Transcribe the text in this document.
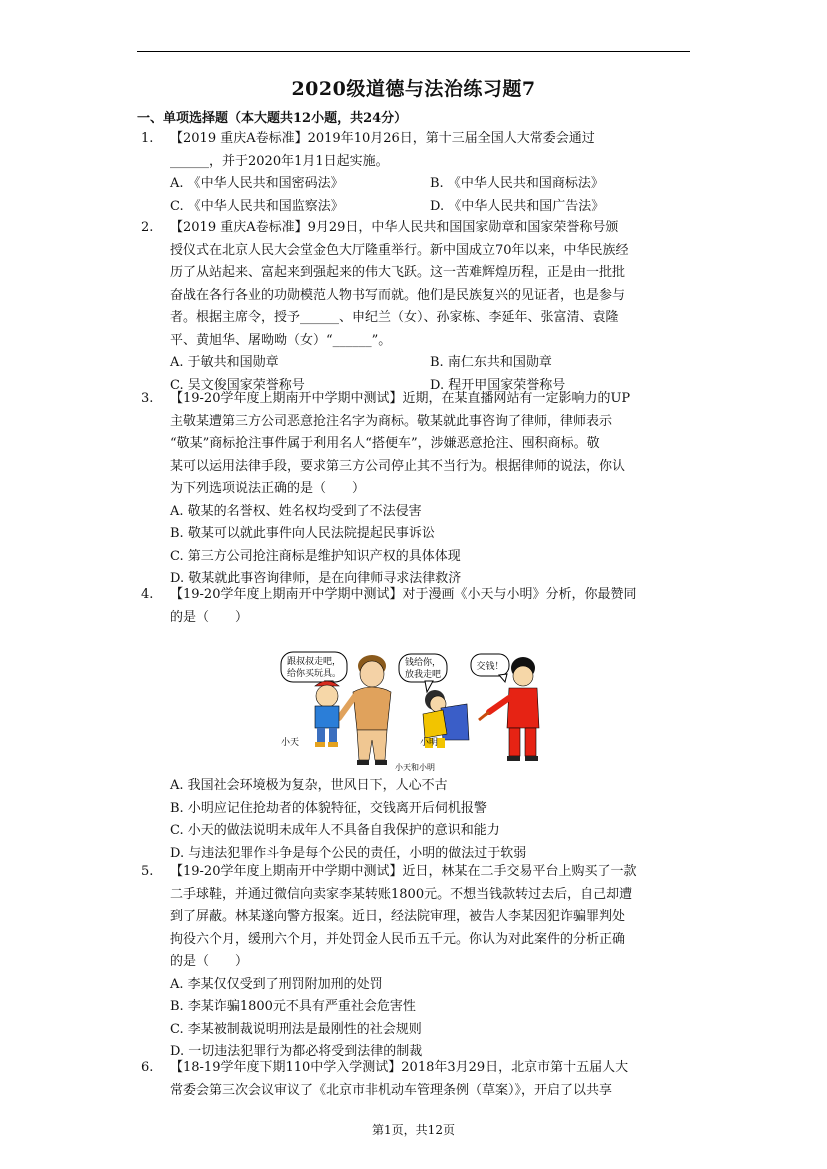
2020级道德与法治练习题7
一、单项选择题（本大题共12小题，共24分）
1.	【2019 重庆A卷标准】2019年10月26日，第十三届全国人大常委会通过
______，并于2020年1月1日起实施。
A. 《中华人民共和国密码法》	B. 《中华人民共和国商标法》
C. 《中华人民共和国监察法》	D. 《中华人民共和国广告法》
2.	【2019 重庆A卷标准】9月29日，中华人民共和国国家勋章和国家荣誉称号颁
授仪式在北京人民大会堂金色大厅隆重举行。新中国成立70年以来，中华民族经
历了从站起来、富起来到强起来的伟大飞跃。这一苦难辉煌历程，正是由一批批
奋战在各行各业的功勋模范人物书写而就。他们是民族复兴的见证者，也是参与
者。根据主席令，授予______、申纪兰（女）、孙家栋、李延年、张富清、袁隆
平、黄旭华、屠呦呦（女）“______”。
A. 于敏共和国勋章	B. 南仁东共和国勋章
C. 吴文俊国家荣誉称号	D. 程开甲国家荣誉称号
3.	【19-20学年度上期南开中学期中测试】近期，在某直播网站有一定影响力的UP
主敬某遭第三方公司恶意抢注名字为商标。敬某就此事咨询了律师，律师表示
“敬某”商标抢注事件属于利用名人“搭便车”，涉嫌恶意抢注、囤积商标。敬
某可以运用法律手段，要求第三方公司停止其不当行为。根据律师的说法，你认
为下列选项说法正确的是（　　）
A. 敬某的名誉权、姓名权均受到了不法侵害
B. 敬某可以就此事件向人民法院提起民事诉讼
C. 第三方公司抢注商标是维护知识产权的具体体现
D. 敬某就此事咨询律师，是在向律师寻求法律救济
4.	【19-20学年度上期南开中学期中测试】对于漫画《小天与小明》分析，你最赞同
的是（　　）
跟叔叔走吧，
给你买玩具。
小天
钱给你，
放我走吧
小明
交钱！
小天和小明
A. 我国社会环境极为复杂，世风日下，人心不古
B. 小明应记住抢劫者的体貌特征，交钱离开后伺机报警
C. 小天的做法说明未成年人不具备自我保护的意识和能力
D. 与违法犯罪作斗争是每个公民的责任，小明的做法过于软弱
5.	【19-20学年度上期南开中学期中测试】近日，林某在二手交易平台上购买了一款
二手球鞋，并通过微信向卖家李某转账1800元。不想当钱款转过去后，自己却遭
到了屏蔽。林某遂向警方报案。近日，经法院审理，被告人李某因犯诈骗罪判处
拘役六个月，缓刑六个月，并处罚金人民币五千元。你认为对此案件的分析正确
的是（　　）
A. 李某仅仅受到了刑罚附加刑的处罚
B. 李某诈骗1800元不具有严重社会危害性
C. 李某被制裁说明刑法是最刚性的社会规则
D. 一切违法犯罪行为都必将受到法律的制裁
6.	【18-19学年度下期110中学入学测试】2018年3月29日，北京市第十五届人大
常委会第三次会议审议了《北京市非机动车管理条例（草案）》，开启了以共享
第1页，共12页
